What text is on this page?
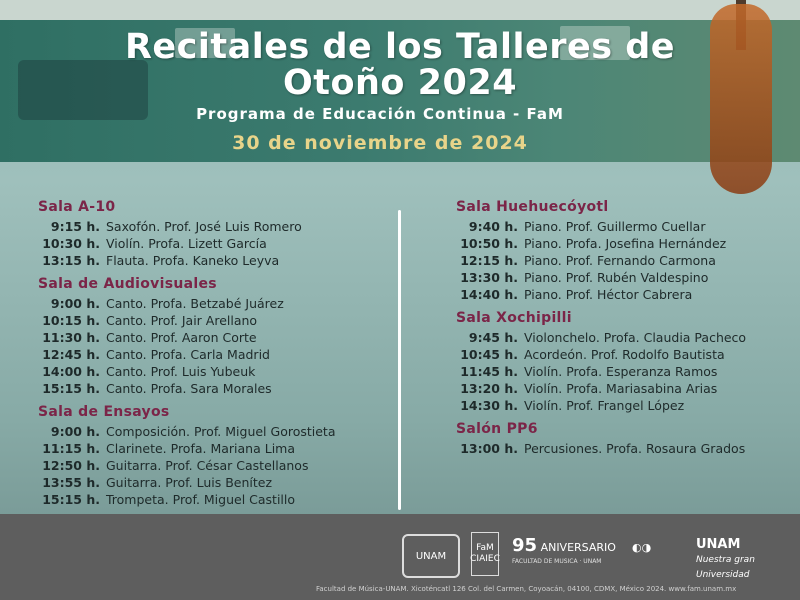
Recitales de los Talleres de
Otoño 2024
Programa de Educación Continua - FaM
30 de noviembre de 2024
Sala A-10
9:15 h. Saxofón. Prof. José Luis Romero
10:30 h. Violín. Profa. Lizett García
13:15 h. Flauta. Profa. Kaneko Leyva
Sala de Audiovisuales
9:00 h. Canto. Profa. Betzabé Juárez
10:15 h. Canto. Prof. Jair Arellano
11:30 h. Canto. Prof. Aaron Corte
12:45 h. Canto. Profa. Carla Madrid
14:00 h. Canto. Prof. Luis Yubeuk
15:15 h. Canto. Profa. Sara Morales
Sala de Ensayos
9:00 h. Composición. Prof. Miguel Gorostieta
11:15 h. Clarinete. Profa. Mariana Lima
12:50 h. Guitarra. Prof. César Castellanos
13:55 h. Guitarra. Prof. Luis Benítez
15:15 h. Trompeta. Prof. Miguel Castillo
Sala Huehuecóyotl
9:40 h. Piano. Prof. Guillermo Cuellar
10:50 h. Piano. Profa. Josefina Hernández
12:15 h. Piano. Prof. Fernando Carmona
13:30 h. Piano. Prof. Rubén Valdespino
14:40 h. Piano. Prof. Héctor Cabrera
Sala Xochipilli
9:45 h. Violonchelo. Profa. Claudia Pacheco
10:45 h. Acordeón. Prof. Rodolfo Bautista
11:45 h. Violín. Profa. Esperanza Ramos
13:20 h. Violín. Profa. Mariasabina Arias
14:30 h. Violín. Prof. Frangel López
Salón PP6
13:00 h. Percusiones. Profa. Rosaura Grados
UNAM
FaM
CIAIEC
95 ANIVERSARIO
FACULTAD DE MÚSICA · UNAM
◐◑	UNAM
Nuestra gran Universidad
Facultad de Música-UNAM. Xicoténcatl 126 Col. del Carmen, Coyoacán, 04100, CDMX, México 2024. www.fam.unam.mx
